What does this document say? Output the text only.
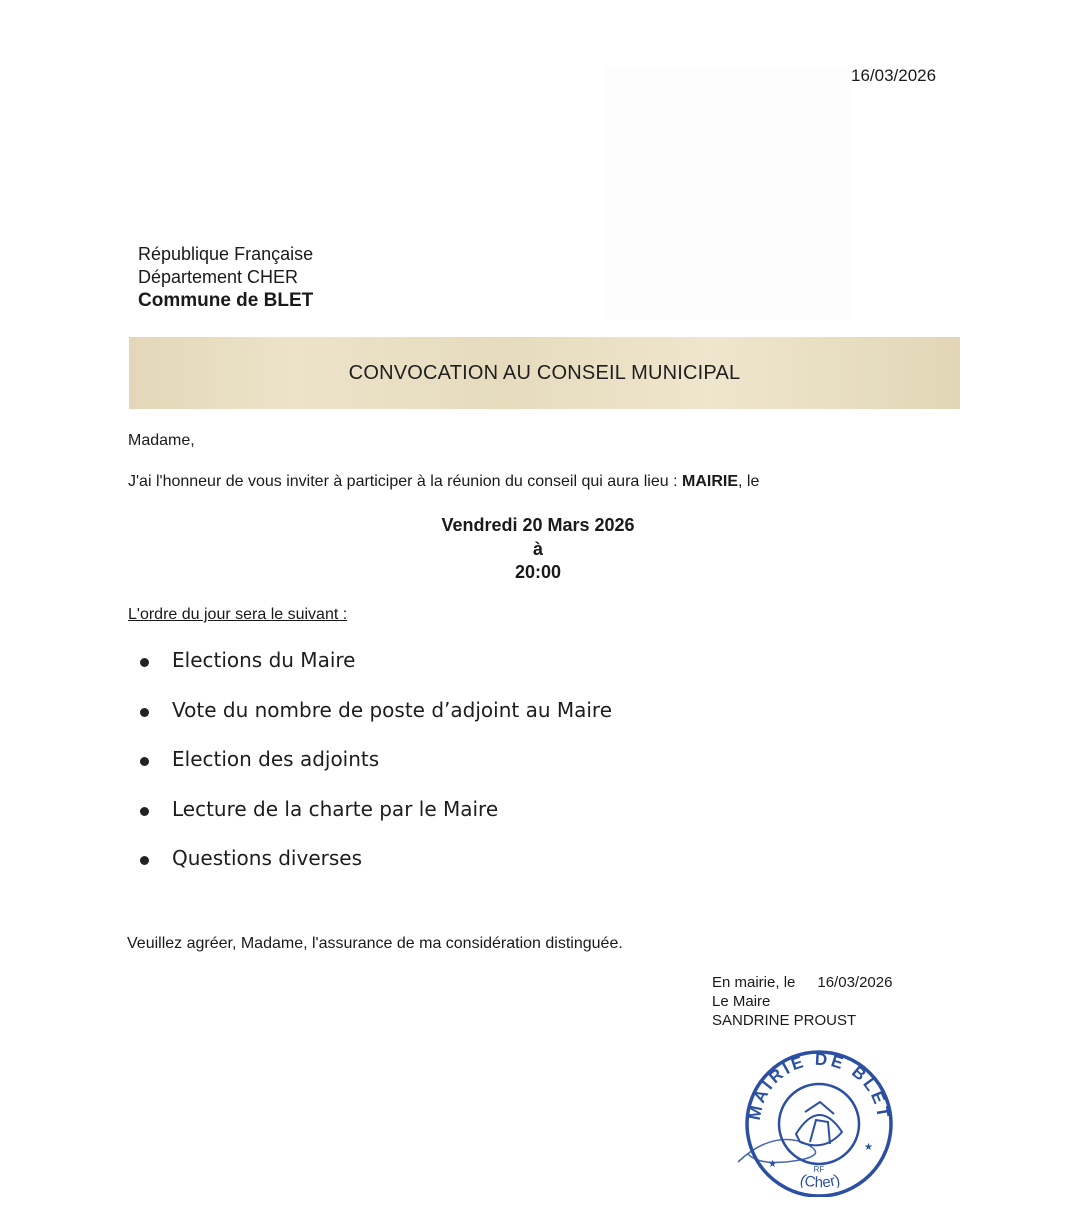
16/03/2026
République Française
Département CHER
Commune de BLET
CONVOCATION AU CONSEIL MUNICIPAL
Madame,
J'ai l'honneur de vous inviter à participer à la réunion du conseil qui aura lieu : MAIRIE, le
Vendredi 20 Mars 2026
à
20:00
L'ordre du jour sera le suivant :
Elections du Maire
Vote du nombre de poste d’adjoint au Maire
Election des adjoints
Lecture de la charte par le Maire
Questions diverses
Veuillez agréer, Madame, l'assurance de ma considération distinguée.
En mairie, le 16/03/2026
Le Maire
SANDRINE PROUST
MAIRIE DE BLET
RF
(Cher)
★
★
